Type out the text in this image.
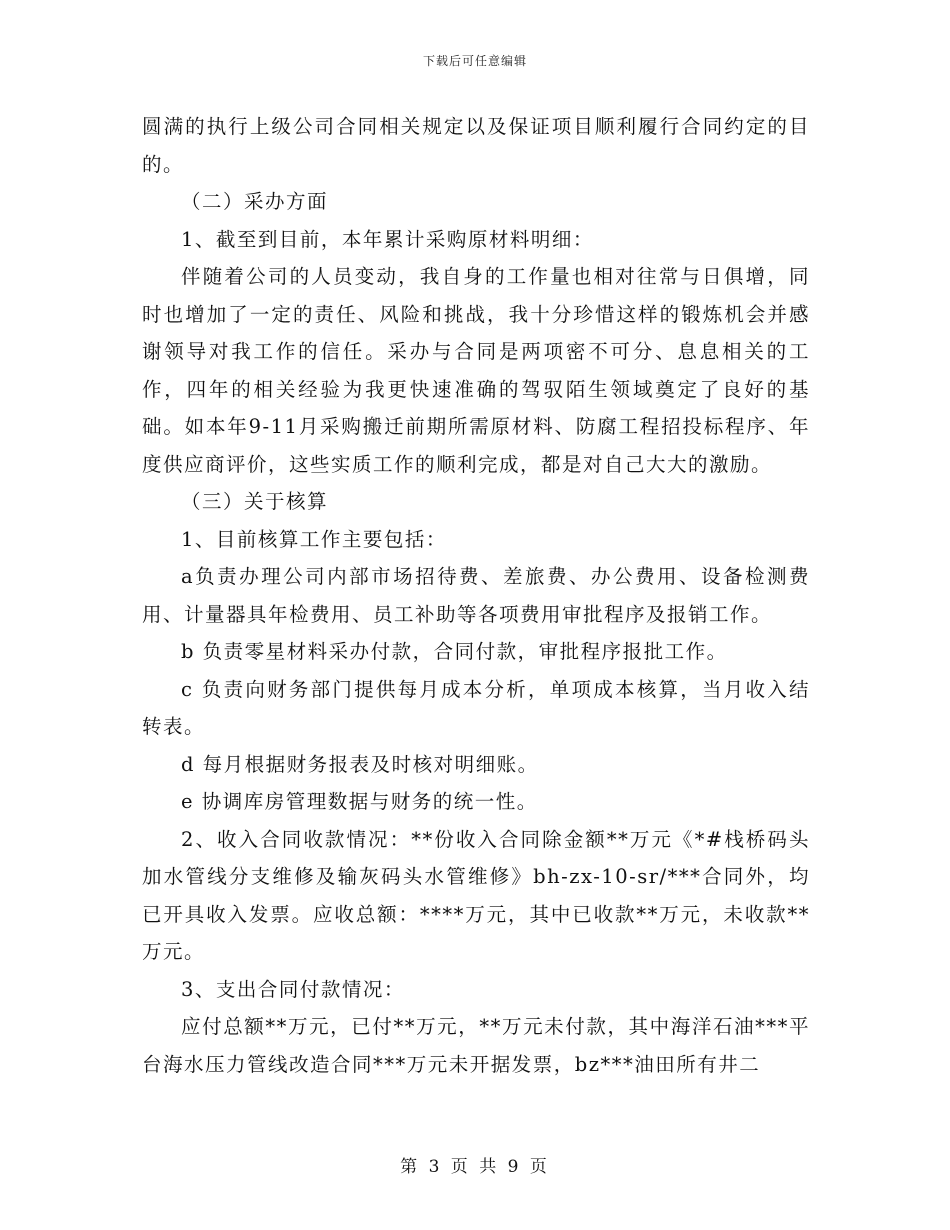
下载后可任意编辑

圆满的执行上级公司合同相关规定以及保证项目顺利履行合同约定的目的。

（二）采办方面

1、截至到目前，本年累计采购原材料明细：

伴随着公司的人员变动，我自身的工作量也相对往常与日俱增，同时也增加了一定的责任、风险和挑战，我十分珍惜这样的锻炼机会并感谢领导对我工作的信任。采办与合同是两项密不可分、息息相关的工作，四年的相关经验为我更快速准确的驾驭陌生领域奠定了良好的基础。如本年9-11月采购搬迁前期所需原材料、防腐工程招投标程序、年度供应商评价，这些实质工作的顺利完成，都是对自己大大的激励。

（三）关于核算

1、目前核算工作主要包括：

a负责办理公司内部市场招待费、差旅费、办公费用、设备检测费用、计量器具年检费用、员工补助等各项费用审批程序及报销工作。

b 负责零星材料采办付款，合同付款，审批程序报批工作。

c 负责向财务部门提供每月成本分析，单项成本核算，当月收入结转表。

d 每月根据财务报表及时核对明细账。

e 协调库房管理数据与财务的统一性。

2、收入合同收款情况：**份收入合同除金额**万元《*#栈桥码头加水管线分支维修及输灰码头水管维修》bh-zx-10-sr/***合同外，均已开具收入发票。应收总额：****万元，其中已收款**万元，未收款**万元。

3、支出合同付款情况：

应付总额**万元，已付**万元，**万元未付款，其中海洋石油***平台海水压力管线改造合同***万元未开据发票，bz***油田所有井二

第 3 页 共 9 页
